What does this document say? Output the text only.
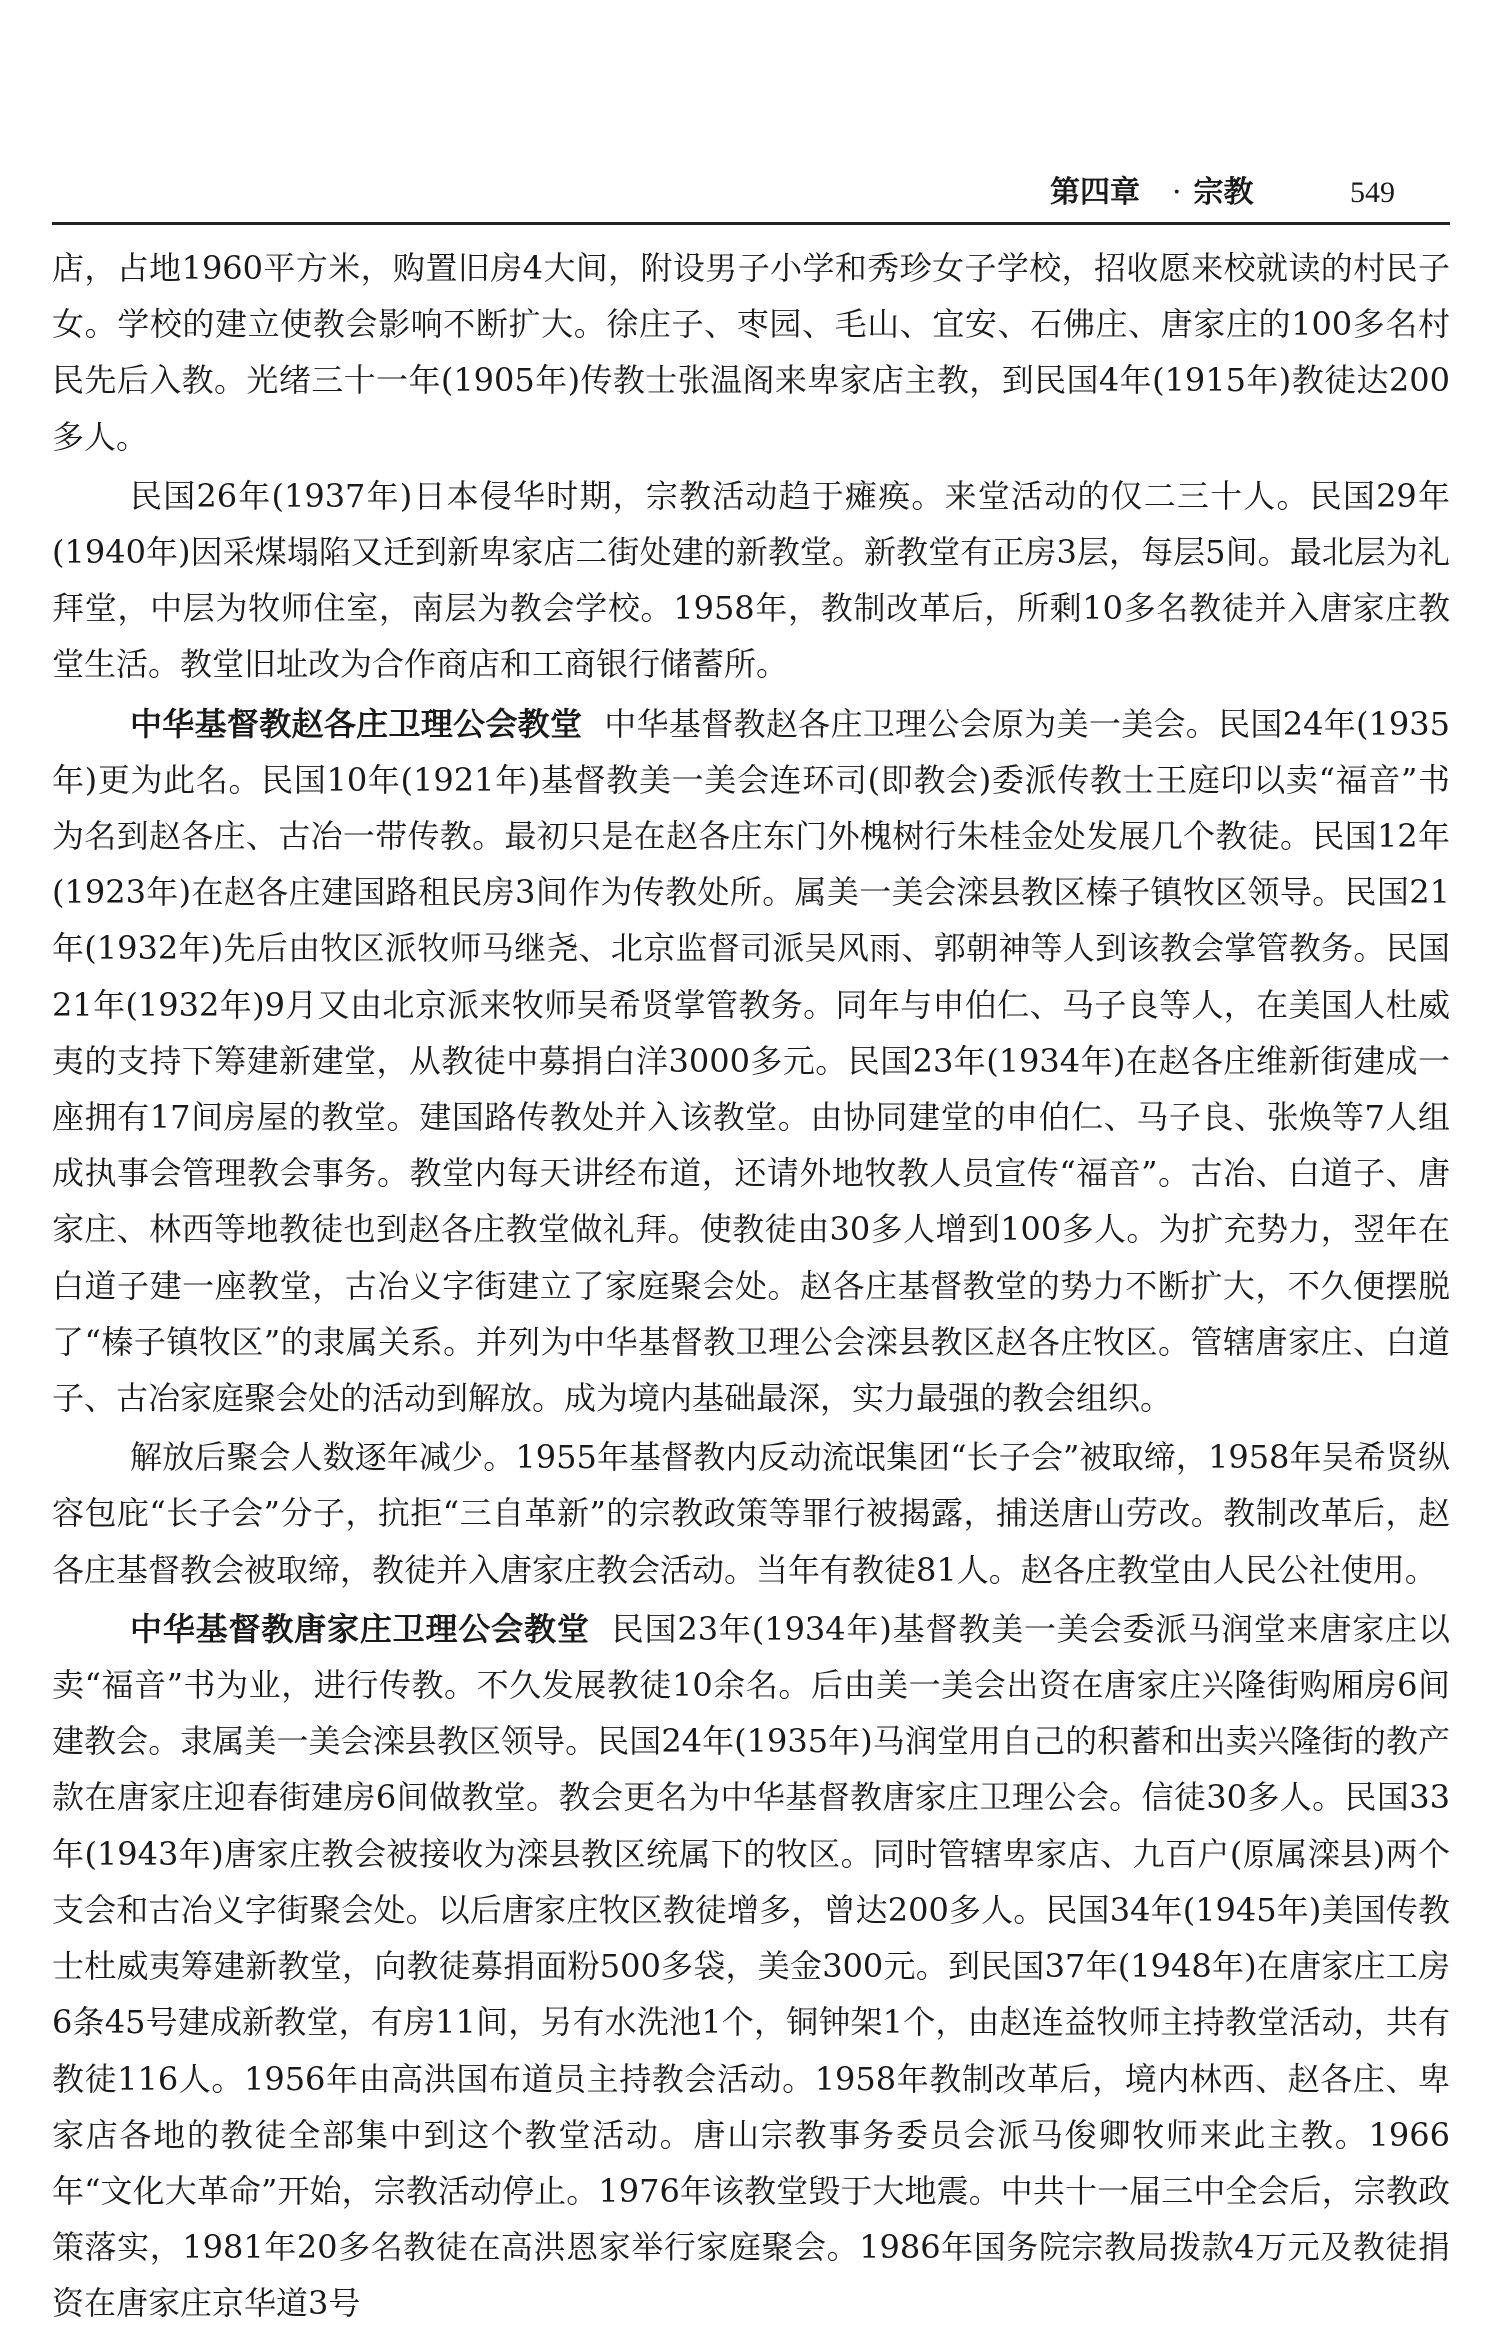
第四章 · 宗教	549

店，占地1960平方米，购置旧房4大间，附设男子小学和秀珍女子学校，招收愿来校就读的村民子女。学校的建立使教会影响不断扩大。徐庄子、枣园、毛山、宜安、石佛庄、唐家庄的100多名村民先后入教。光绪三十一年(1905年)传教士张温阁来卑家店主教，到民国4年(1915年)教徒达200多人。

民国26年(1937年)日本侵华时期，宗教活动趋于瘫痪。来堂活动的仅二三十人。民国29年(1940年)因采煤塌陷又迁到新卑家店二街处建的新教堂。新教堂有正房3层，每层5间。最北层为礼拜堂，中层为牧师住室，南层为教会学校。1958年，教制改革后，所剩10多名教徒并入唐家庄教堂生活。教堂旧址改为合作商店和工商银行储蓄所。

中华基督教赵各庄卫理公会教堂 中华基督教赵各庄卫理公会原为美一美会。民国24年(1935年)更为此名。民国10年(1921年)基督教美一美会连环司(即教会)委派传教士王庭印以卖“福音”书为名到赵各庄、古冶一带传教。最初只是在赵各庄东门外槐树行朱桂金处发展几个教徒。民国12年(1923年)在赵各庄建国路租民房3间作为传教处所。属美一美会滦县教区榛子镇牧区领导。民国21年(1932年)先后由牧区派牧师马继尧、北京监督司派吴风雨、郭朝神等人到该教会掌管教务。民国21年(1932年)9月又由北京派来牧师吴希贤掌管教务。同年与申伯仁、马子良等人，在美国人杜威夷的支持下筹建新建堂，从教徒中募捐白洋3000多元。民国23年(1934年)在赵各庄维新街建成一座拥有17间房屋的教堂。建国路传教处并入该教堂。由协同建堂的申伯仁、马子良、张焕等7人组成执事会管理教会事务。教堂内每天讲经布道，还请外地牧教人员宣传“福音”。古冶、白道子、唐家庄、林西等地教徒也到赵各庄教堂做礼拜。使教徒由30多人增到100多人。为扩充势力，翌年在白道子建一座教堂，古冶义字街建立了家庭聚会处。赵各庄基督教堂的势力不断扩大，不久便摆脱了“榛子镇牧区”的隶属关系。并列为中华基督教卫理公会滦县教区赵各庄牧区。管辖唐家庄、白道子、古冶家庭聚会处的活动到解放。成为境内基础最深，实力最强的教会组织。

解放后聚会人数逐年减少。1955年基督教内反动流氓集团“长子会”被取缔，1958年吴希贤纵容包庇“长子会”分子，抗拒“三自革新”的宗教政策等罪行被揭露，捕送唐山劳改。教制改革后，赵各庄基督教会被取缔，教徒并入唐家庄教会活动。当年有教徒81人。赵各庄教堂由人民公社使用。

中华基督教唐家庄卫理公会教堂 民国23年(1934年)基督教美一美会委派马润堂来唐家庄以卖“福音”书为业，进行传教。不久发展教徒10余名。后由美一美会出资在唐家庄兴隆街购厢房6间建教会。隶属美一美会滦县教区领导。民国24年(1935年)马润堂用自己的积蓄和出卖兴隆街的教产款在唐家庄迎春街建房6间做教堂。教会更名为中华基督教唐家庄卫理公会。信徒30多人。民国33年(1943年)唐家庄教会被接收为滦县教区统属下的牧区。同时管辖卑家店、九百户(原属滦县)两个支会和古冶义字街聚会处。以后唐家庄牧区教徒增多，曾达200多人。民国34年(1945年)美国传教士杜威夷筹建新教堂，向教徒募捐面粉500多袋，美金300元。到民国37年(1948年)在唐家庄工房6条45号建成新教堂，有房11间，另有水洗池1个，铜钟架1个，由赵连益牧师主持教堂活动，共有教徒116人。1956年由高洪国布道员主持教会活动。1958年教制改革后，境内林西、赵各庄、卑家店各地的教徒全部集中到这个教堂活动。唐山宗教事务委员会派马俊卿牧师来此主教。1966年“文化大革命”开始，宗教活动停止。1976年该教堂毁于大地震。中共十一届三中全会后，宗教政策落实，1981年20多名教徒在高洪恩家举行家庭聚会。1986年国务院宗教局拨款4万元及教徒捐资在唐家庄京华道3号
